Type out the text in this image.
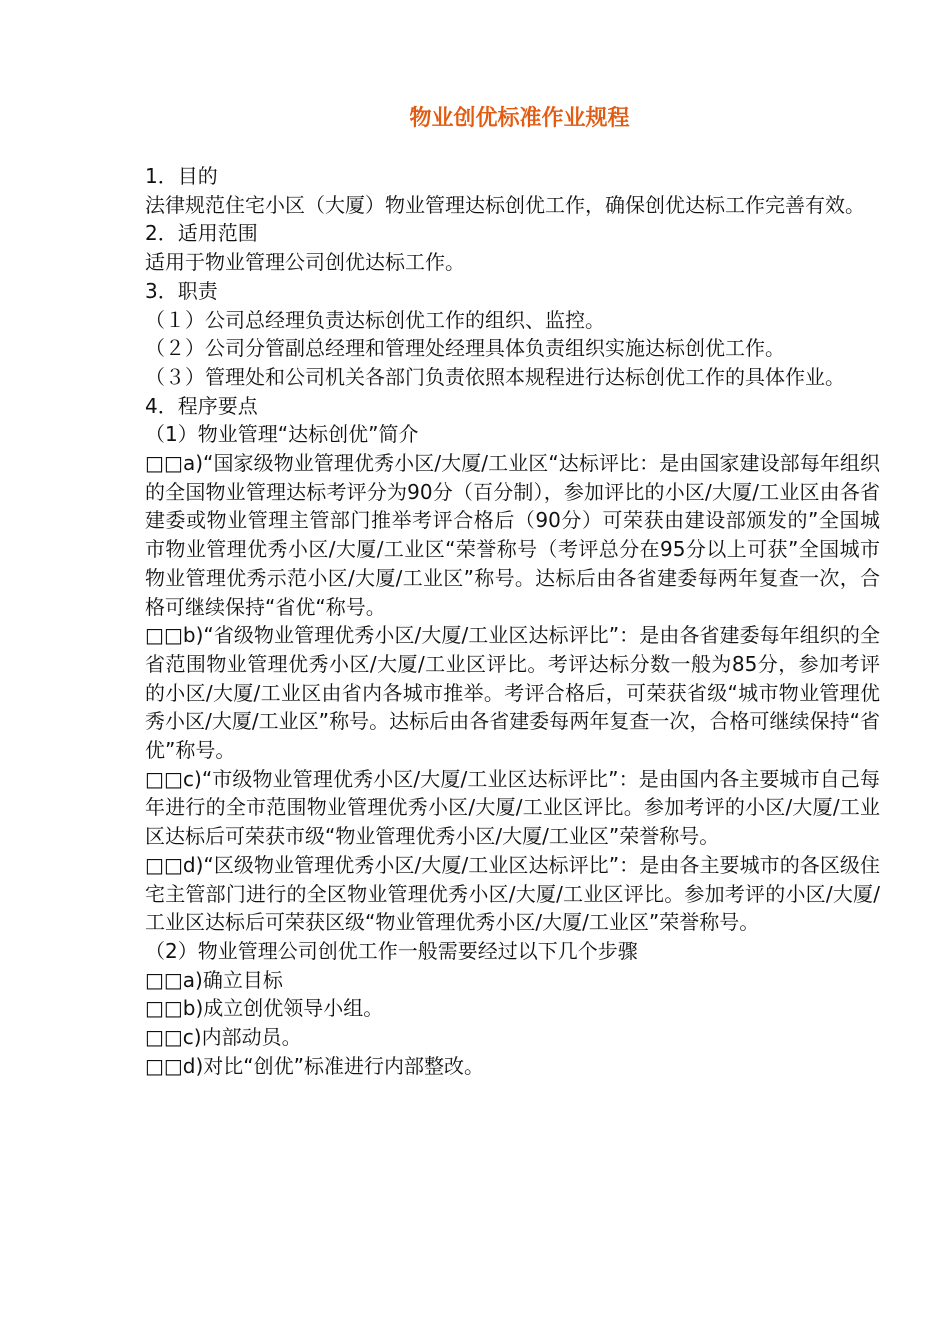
物业创优标准作业规程

1．目的

法律规范住宅小区（大厦）物业管理达标创优工作，确保创优达标工作完善有效。

2．适用范围

适用于物业管理公司创优达标工作。

3．职责

（１）公司总经理负责达标创优工作的组织、监控。

（２）公司分管副总经理和管理处经理具体负责组织实施达标创优工作。

（３）管理处和公司机关各部门负责依照本规程进行达标创优工作的具体作业。

4．程序要点

（1）物业管理“达标创优”简介

□□a)“国家级物业管理优秀小区/大厦/工业区“达标评比：是由国家建设部每年组织的全国物业管理达标考评分为90分（百分制），参加评比的小区/大厦/工业区由各省建委或物业管理主管部门推举考评合格后（90分）可荣获由建设部颁发的”全国城市物业管理优秀小区/大厦/工业区“荣誉称号（考评总分在95分以上可获”全国城市物业管理优秀示范小区/大厦/工业区”称号。达标后由各省建委每两年复查一次，合格可继续保持“省优“称号。

□□b)“省级物业管理优秀小区/大厦/工业区达标评比”：是由各省建委每年组织的全省范围物业管理优秀小区/大厦/工业区评比。考评达标分数一般为85分，参加考评的小区/大厦/工业区由省内各城市推举。考评合格后，可荣获省级“城市物业管理优秀小区/大厦/工业区”称号。达标后由各省建委每两年复查一次，合格可继续保持“省优”称号。

□□c)“市级物业管理优秀小区/大厦/工业区达标评比”：是由国内各主要城市自己每年进行的全市范围物业管理优秀小区/大厦/工业区评比。参加考评的小区/大厦/工业区达标后可荣获市级“物业管理优秀小区/大厦/工业区”荣誉称号。

□□d)“区级物业管理优秀小区/大厦/工业区达标评比”：是由各主要城市的各区级住宅主管部门进行的全区物业管理优秀小区/大厦/工业区评比。参加考评的小区/大厦/工业区达标后可荣获区级“物业管理优秀小区/大厦/工业区”荣誉称号。

（2）物业管理公司创优工作一般需要经过以下几个步骤

□□a)确立目标

□□b)成立创优领导小组。

□□c)内部动员。

□□d)对比“创优”标准进行内部整改。
